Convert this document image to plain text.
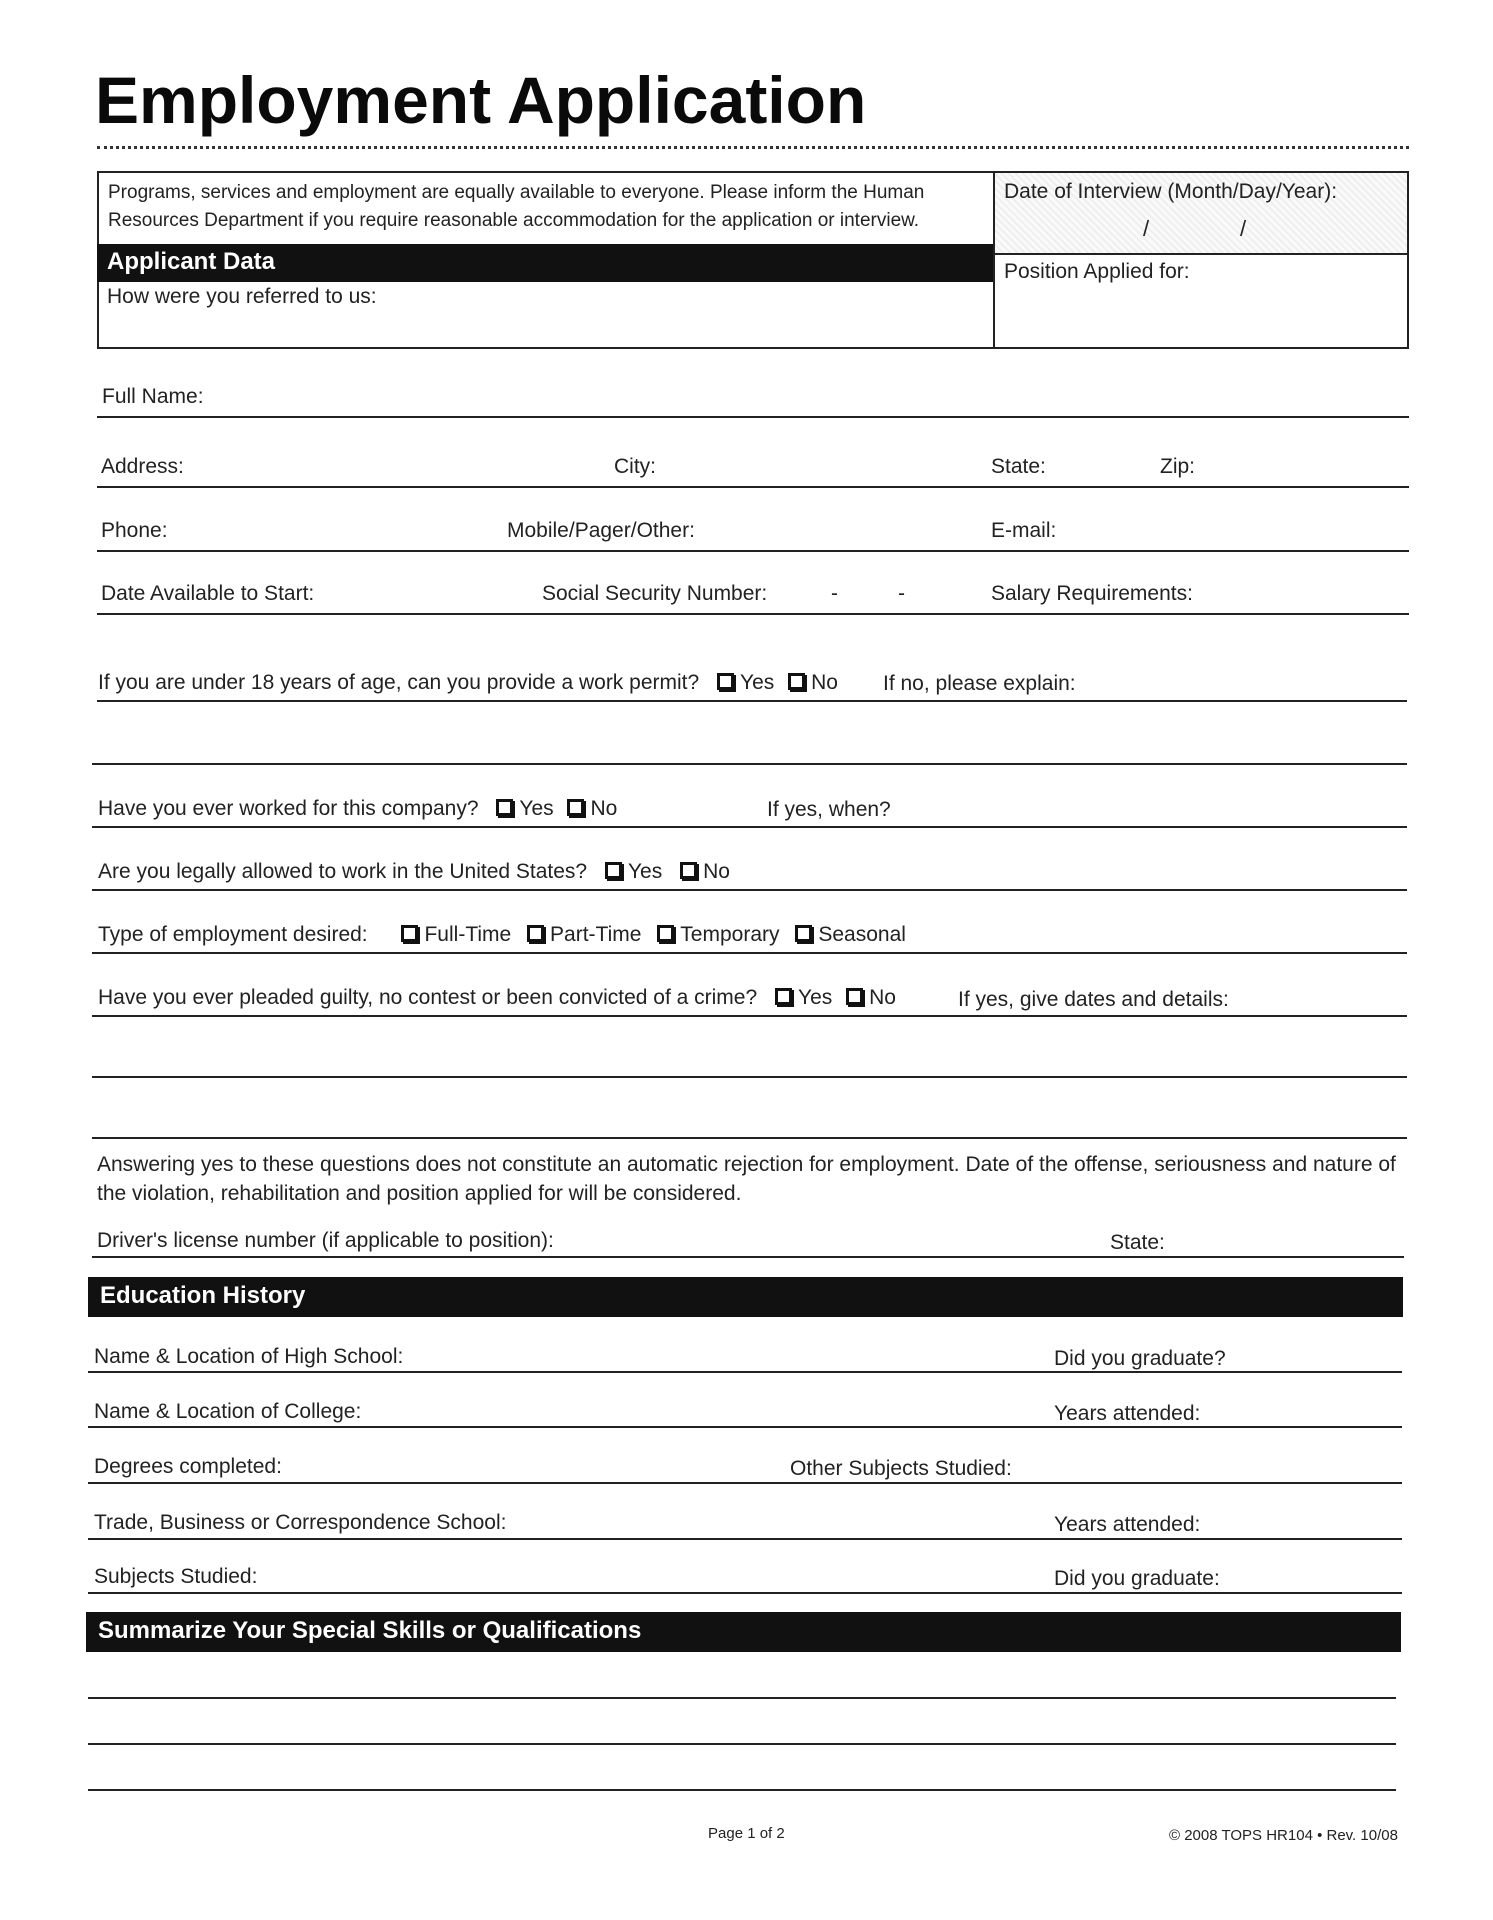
Employment Application
Programs, services and employment are equally available to everyone. Please inform the Human Resources Department if you require reasonable accommodation for the application or interview.
Date of Interview (Month/Day/Year):
/	/
Position Applied for:
Applicant Data
How were you referred to us:
Full Name:
Address:	City:	State:	Zip:
Phone:	Mobile/Pager/Other:	E-mail:
Date Available to Start:	Social Security Number:	-	-	Salary Requirements:
If you are under 18 years of age, can you provide a work permit? Yes No If no, please explain:
Have you ever worked for this company? Yes No	If yes, when?
Are you legally allowed to work in the United States? Yes No
Type of employment desired:	Full-Time Part-Time Temporary Seasonal
Have you ever pleaded guilty, no contest or been convicted of a crime? Yes No	If yes, give dates and details:
Answering yes to these questions does not constitute an automatic rejection for employment. Date of the offense, seriousness and nature of the violation, rehabilitation and position applied for will be considered.
Driver's license number (if applicable to position):	State:
Education History
Name & Location of High School:	Did you graduate?
Name & Location of College:	Years attended:
Degrees completed:	Other Subjects Studied:
Trade, Business or Correspondence School:	Years attended:
Subjects Studied:	Did you graduate:
Summarize Your Special Skills or Qualifications
Page 1 of 2	© 2008 TOPS HR104 • Rev. 10/08
